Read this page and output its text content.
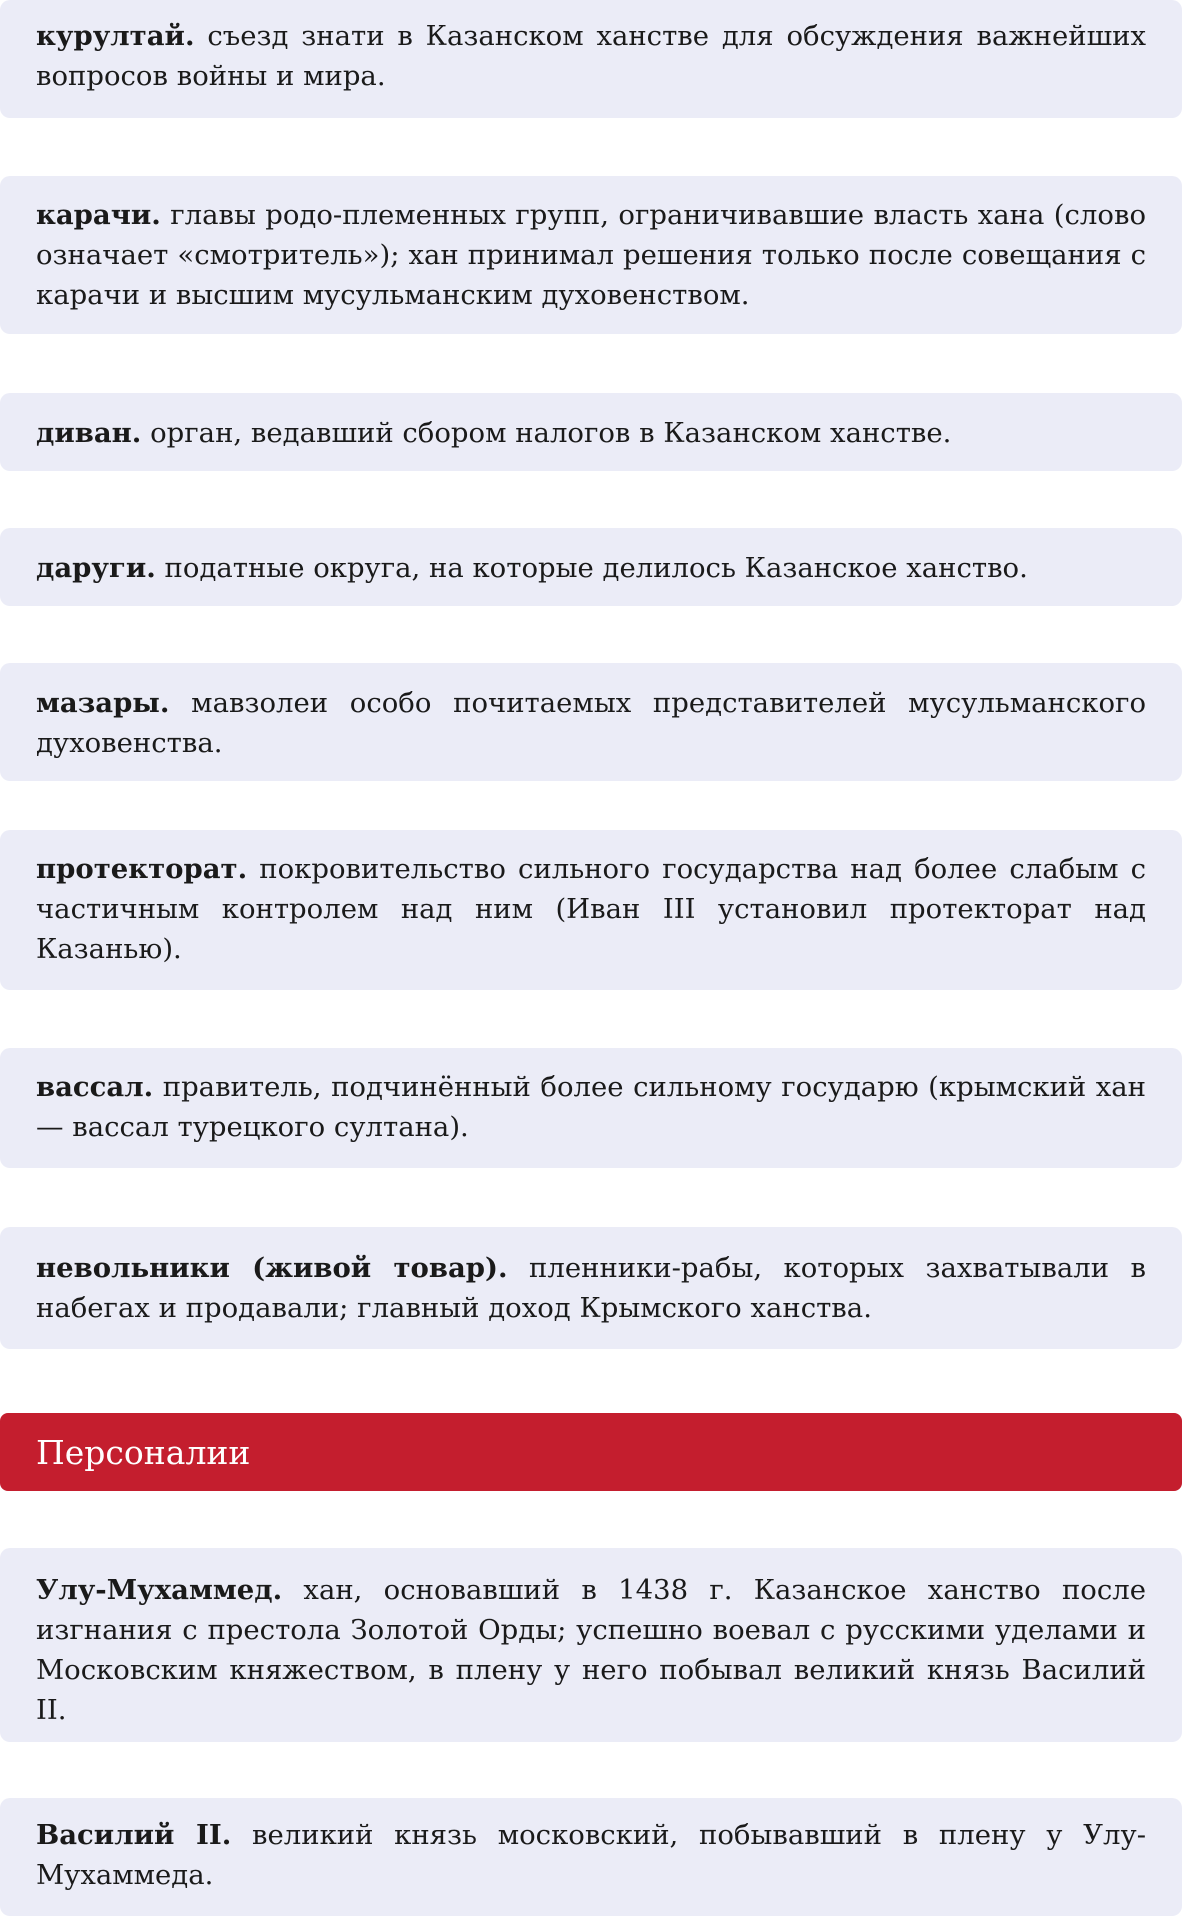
курултай. съезд знати в Казанском ханстве для обсуждения важнейших вопросов войны и мира.
карачи. главы родо-племенных групп, ограничивавшие власть хана (слово означает «смотритель»); хан принимал решения только после совещания с карачи и высшим мусульманским духовенством.
диван. орган, ведавший сбором налогов в Казанском ханстве.
даруги. податные округа, на которые делилось Казанское ханство.
мазары. мавзолеи особо почитаемых представителей мусульманского духовенства.
протекторат. покровительство сильного государства над более слабым с частичным контролем над ним (Иван III установил протекторат над Казанью).
вассал. правитель, подчинённый более сильному государю (крымский хан — вассал турецкого султана).
невольники (живой товар). пленники-рабы, которых захватывали в набегах и продавали; главный доход Крымского ханства.
Персоналии
Улу-Мухаммед. хан, основавший в 1438 г. Казанское ханство после изгнания с престола Золотой Орды; успешно воевал с русскими уделами и Московским княжеством, в плену у него побывал великий князь Василий II.
Василий II. великий князь московский, побывавший в плену у Улу-Мухаммеда.
